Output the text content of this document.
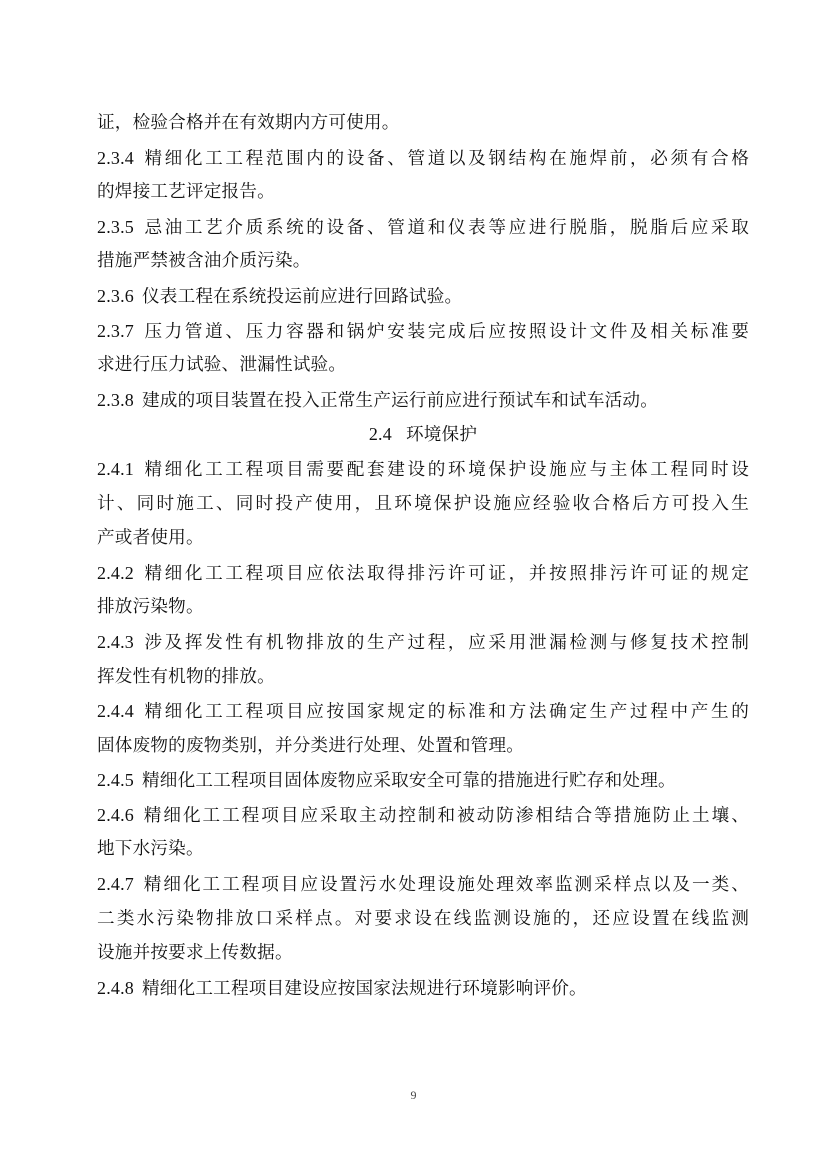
证，检验合格并在有效期内方可使用。
2.3.4 精细化工工程范围内的设备、管道以及钢结构在施焊前，必须有合格
的焊接工艺评定报告。
2.3.5 忌油工艺介质系统的设备、管道和仪表等应进行脱脂，脱脂后应采取
措施严禁被含油介质污染。
2.3.6 仪表工程在系统投运前应进行回路试验。
2.3.7 压力管道、压力容器和锅炉安装完成后应按照设计文件及相关标准要
求进行压力试验、泄漏性试验。
2.3.8 建成的项目装置在投入正常生产运行前应进行预试车和试车活动。
2.4 环境保护
2.4.1 精细化工工程项目需要配套建设的环境保护设施应与主体工程同时设
计、同时施工、同时投产使用，且环境保护设施应经验收合格后方可投入生
产或者使用。
2.4.2 精细化工工程项目应依法取得排污许可证，并按照排污许可证的规定
排放污染物。
2.4.3 涉及挥发性有机物排放的生产过程，应采用泄漏检测与修复技术控制
挥发性有机物的排放。
2.4.4 精细化工工程项目应按国家规定的标准和方法确定生产过程中产生的
固体废物的废物类别，并分类进行处理、处置和管理。
2.4.5 精细化工工程项目固体废物应采取安全可靠的措施进行贮存和处理。
2.4.6 精细化工工程项目应采取主动控制和被动防渗相结合等措施防止土壤、
地下水污染。
2.4.7 精细化工工程项目应设置污水处理设施处理效率监测采样点以及一类、
二类水污染物排放口采样点。对要求设在线监测设施的，还应设置在线监测
设施并按要求上传数据。
2.4.8 精细化工工程项目建设应按国家法规进行环境影响评价。
9
